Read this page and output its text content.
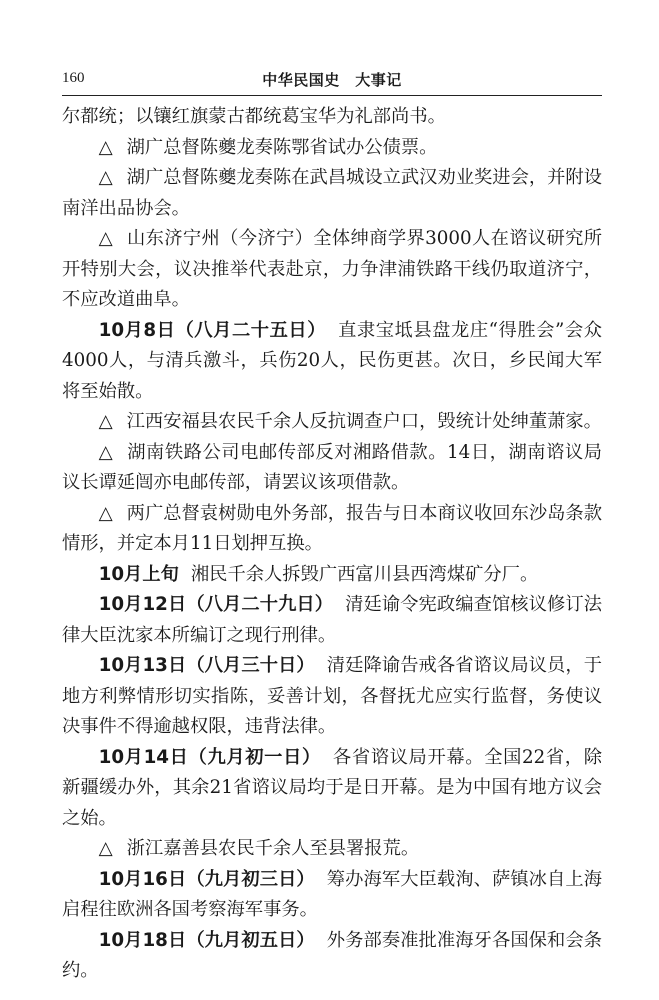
160	中华民国史　大事记

尔都统；以镶红旗蒙古都统葛宝华为礼部尚书。

△ 湖广总督陈夔龙奏陈鄂省试办公债票。

△ 湖广总督陈夔龙奏陈在武昌城设立武汉劝业奖进会，并附设南洋出品协会。

△ 山东济宁州（今济宁）全体绅商学界3000人在谘议研究所开特别大会，议决推举代表赴京，力争津浦铁路干线仍取道济宁，不应改道曲阜。

10月8日（八月二十五日） 直隶宝坻县盘龙庄“得胜会”会众4000人，与清兵激斗，兵伤20人，民伤更甚。次日，乡民闻大军将至始散。

△ 江西安福县农民千余人反抗调查户口，毁统计处绅董萧家。

△ 湖南铁路公司电邮传部反对湘路借款。14日，湖南谘议局议长谭延闿亦电邮传部，请罢议该项借款。

△ 两广总督袁树勋电外务部，报告与日本商议收回东沙岛条款情形，并定本月11日划押互换。

10月上旬 湘民千余人拆毁广西富川县西湾煤矿分厂。

10月12日（八月二十九日） 清廷谕令宪政编查馆核议修订法律大臣沈家本所编订之现行刑律。

10月13日（八月三十日） 清廷降谕告戒各省谘议局议员，于地方利弊情形切实指陈，妥善计划，各督抚尤应实行监督，务使议决事件不得逾越权限，违背法律。

10月14日（九月初一日） 各省谘议局开幕。全国22省，除新疆缓办外，其余21省谘议局均于是日开幕。是为中国有地方议会之始。

△ 浙江嘉善县农民千余人至县署报荒。

10月16日（九月初三日） 筹办海军大臣载洵、萨镇冰自上海启程往欧洲各国考察海军事务。

10月18日（九月初五日） 外务部奏准批准海牙各国保和会条约。
